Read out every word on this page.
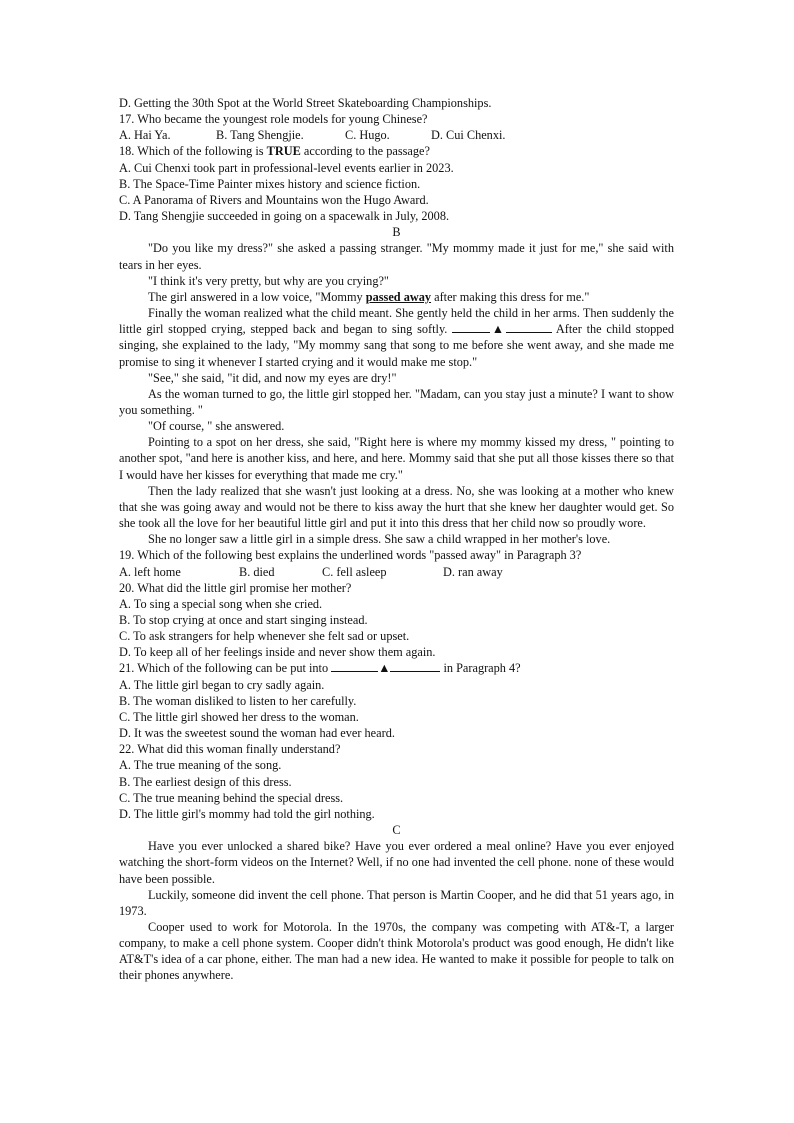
D. Getting the 30th Spot at the World Street Skateboarding Championships.
17. Who became the youngest role models for young Chinese?
A. Hai Ya.	B. Tang Shengjie.	C. Hugo.	D. Cui Chenxi.
18. Which of the following is TRUE according to the passage?
A. Cui Chenxi took part in professional-level events earlier in 2023.
B. The Space-Time Painter mixes history and science fiction.
C. A Panorama of Rivers and Mountains won the Hugo Award.
D. Tang Shengjie succeeded in going on a spacewalk in July, 2008.
B

"Do you like my dress?" she asked a passing stranger. "My mommy made it just for me," she said with tears in her eyes.

"I think it's very pretty, but why are you crying?"

The girl answered in a low voice, "Mommy passed away after making this dress for me."

Finally the woman realized what the child meant. She gently held the child in her arms. Then suddenly the little girl stopped crying, stepped back and began to sing softly.	▲	After the child stopped singing, she explained to the lady, "My mommy sang that song to me before she went away, and she made me promise to sing it whenever I started crying and it would make me stop."

"See," she said, "it did, and now my eyes are dry!"

As the woman turned to go, the little girl stopped her. "Madam, can you stay just a minute? I want to show you something. "

"Of course, " she answered.

Pointing to a spot on her dress, she said, "Right here is where my mommy kissed my dress, " pointing to another spot, "and here is another kiss, and here, and here. Mommy said that she put all those kisses there so that I would have her kisses for everything that made me cry."

Then the lady realized that she wasn't just looking at a dress. No, she was looking at a mother who knew that she was going away and would not be there to kiss away the hurt that she knew her daughter would get. So she took all the love for her beautiful little girl and put it into this dress that her child now so proudly wore.

She no longer saw a little girl in a simple dress. She saw a child wrapped in her mother's love.

19. Which of the following best explains the underlined words "passed away" in Paragraph 3?
A. left home	B. died	C. fell asleep	D. ran away
20. What did the little girl promise her mother?
A. To sing a special song when she cried.
B. To stop crying at once and start singing instead.
C. To ask strangers for help whenever she felt sad or upset.
D. To keep all of her feelings inside and never show them again.
21. Which of the following can be put into	▲	in Paragraph 4?
A. The little girl began to cry sadly again.
B. The woman disliked to listen to her carefully.
C. The little girl showed her dress to the woman.
D. It was the sweetest sound the woman had ever heard.
22. What did this woman finally understand?
A. The true meaning of the song.
B. The earliest design of this dress.
C. The true meaning behind the special dress.
D. The little girl's mommy had told the girl nothing.
C

Have you ever unlocked a shared bike? Have you ever ordered a meal online? Have you ever enjoyed watching the short-form videos on the Internet? Well, if no one had invented the cell phone. none of these would have been possible.

Luckily, someone did invent the cell phone. That person is Martin Cooper, and he did that 51 years ago, in 1973.

Cooper used to work for Motorola. In the 1970s, the company was competing with AT&-T, a larger company, to make a cell phone system. Cooper didn't think Motorola's product was good enough, He didn't like AT&T's idea of a car phone, either. The man had a new idea. He wanted to make it possible for people to talk on their phones anywhere.
